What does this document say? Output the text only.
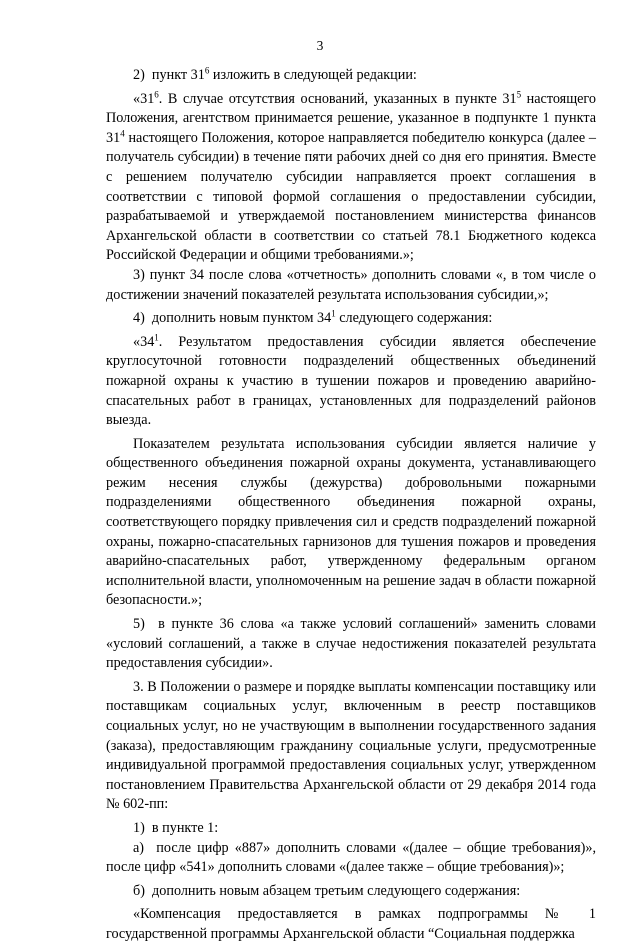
3

2)  пункт $31^6$ изложить в следующей редакции:

«$31^6$. В случае отсутствия оснований, указанных в пункте $31^5$ настоящего Положения, агентством принимается решение, указанное в подпункте 1 пункта $31^4$ настоящего Положения, которое направляется победителю конкурса (далее – получатель субсидии) в течение пяти рабочих дней со дня его принятия. Вместе с решением получателю субсидии направляется проект соглашения в соответствии с типовой формой соглашения о предоставлении субсидии, разрабатываемой и утверждаемой постановлением министерства финансов Архангельской области в соответствии со статьей 78.1 Бюджетного кодекса Российской Федерации и общими требованиями.»;

3) пункт 34 после слова «отчетность» дополнить словами «, в том числе о достижении значений показателей результата использования субсидии,»;

4)  дополнить новым пунктом $34^1$ следующего содержания:

«$34^1$. Результатом предоставления субсидии является обеспечение круглосуточной готовности подразделений общественных объединений пожарной охраны к участию в тушении пожаров и проведению аварийно-спасательных работ в границах, установленных для подразделений районов выезда.

Показателем результата использования субсидии является наличие у общественного объединения пожарной охраны документа, устанавливающего режим несения службы (дежурства) добровольными пожарными подразделениями общественного объединения пожарной охраны, соответствующего порядку привлечения сил и средств подразделений пожарной охраны, пожарно-спасательных гарнизонов для тушения пожаров и проведения аварийно-спасательных работ, утвержденному федеральным органом исполнительной власти, уполномоченным на решение задач в области пожарной безопасности.»;

5)  в пункте 36 слова «а также условий соглашений» заменить словами «условий соглашений, а также в случае недостижения показателей результата предоставления субсидии».

3. В Положении о размере и порядке выплаты компенсации поставщику или поставщикам социальных услуг, включенным в реестр поставщиков социальных услуг, но не участвующим в выполнении государственного задания (заказа), предоставляющим гражданину социальные услуги, предусмотренные индивидуальной программой предоставления социальных услуг, утвержденном постановлением Правительства Архангельской области от 29 декабря 2014 года № 602-пп:

1)  в пункте 1:

а)  после цифр «887» дополнить словами «(далее – общие требования)», после цифр «541» дополнить словами «(далее также – общие требования)»;

б)  дополнить новым абзацем третьим следующего содержания:

«Компенсация предоставляется в рамках подпрограммы № 1 государственной программы Архангельской области “Социальная поддержка
